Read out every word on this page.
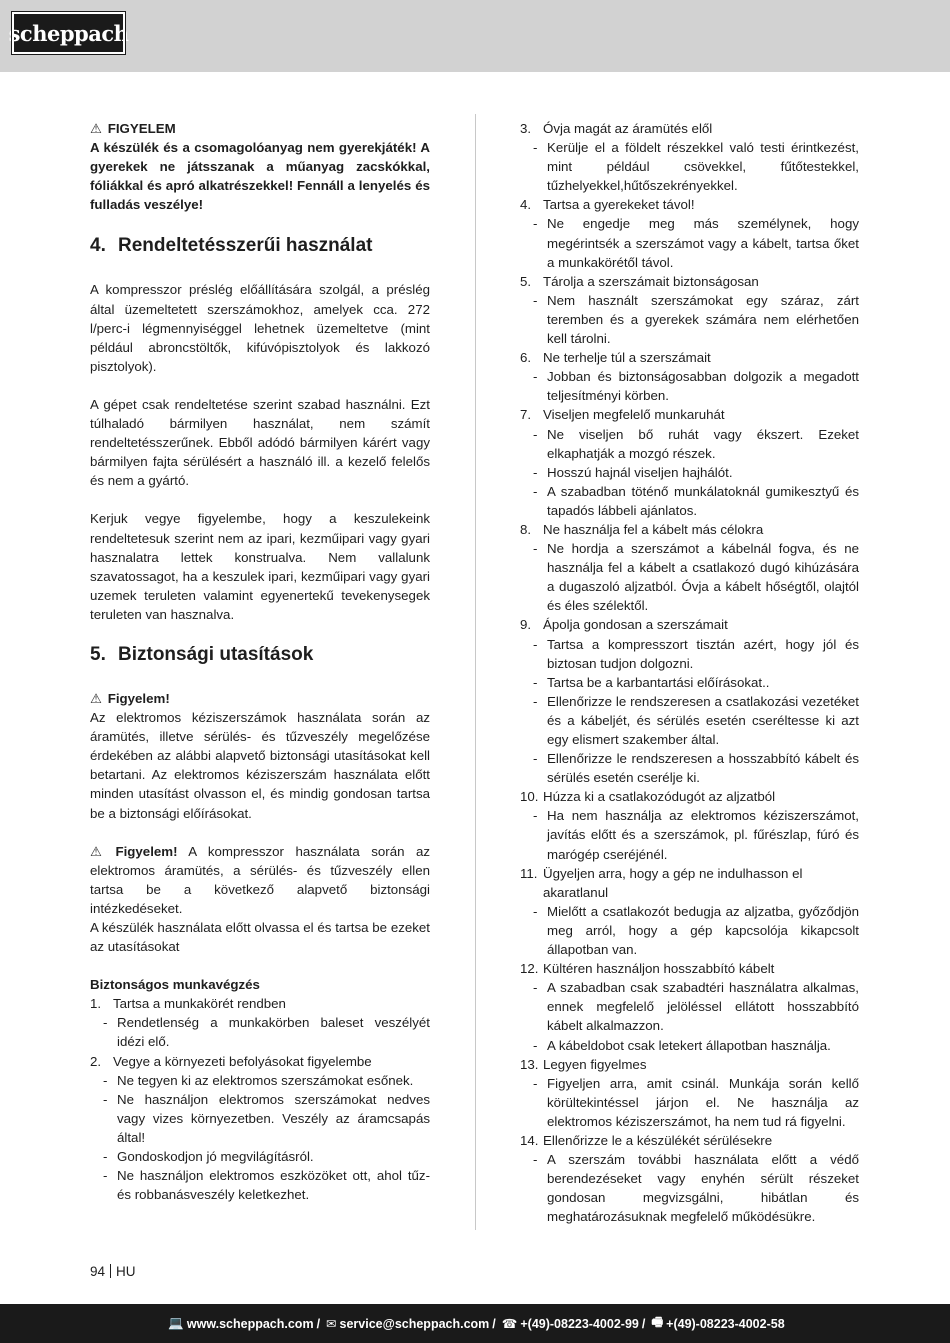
scheppach
⚠ FIGYELEM
A készülék és a csomagolóanyag nem gyerekjáték! A gyerekek ne játsszanak a műanyag zacskókkal, fóliákkal és apró alkatrészekkel! Fennáll a lenyelés és fulladás veszélye!
4. Rendeltetésszerűi használat

A kompresszor préslég előállítására szolgál, a préslég által üzemeltetett szerszámokhoz, amelyek cca. 272 l/perc-i légmennyiséggel lehetnek üzemeltetve (mint például abroncstöltők, kifúvópisztolyok és lakkozó pisztolyok).

A gépet csak rendeltetése szerint szabad használni. Ezt túlhaladó bármilyen használat, nem számít rendeltetésszerűnek. Ebből adódó bármilyen kárért vagy bármilyen fajta sérülésért a használó ill. a kezelő felelős és nem a gyártó.

Kerjuk vegye figyelembe, hogy a keszulekeink rendeltetesuk szerint nem az ipari, kezműipari vagy gyari hasznalatra lettek konstrualva. Nem vallalunk szavatossagot, ha a keszulek ipari, kezműipari vagy gyari uzemek teruleten valamint egyenertekű tevekenysegek teruleten van hasznalva.

5. Biztonsági utasítások
⚠ Figyelem!
Az elektromos kéziszerszámok használata során az áramütés, illetve sérülés- és tűzveszély megelőzése érdekében az alábbi alapvető biztonsági utasításokat kell betartani. Az elektromos kéziszerszám használata előtt minden utasítást olvasson el, és mindig gondosan tartsa be a biztonsági előírásokat.
⚠ Figyelem! A kompresszor használata során az elektromos áramütés, a sérülés- és tűzveszély ellen tartsa be a következő alapvető biztonsági intézkedéseket.

A készülék használata előtt olvassa el és tartsa be ezeket az utasításokat

Biztonságos munkavégzés
1. Tartsa a munkakörét rendben
- Rendetlenség a munkakörben baleset veszélyét idézi elő.
2. Vegye a környezeti befolyásokat figyelembe
- Ne tegyen ki az elektromos szerszámokat esőnek.
- Ne használjon elektromos szerszámokat nedves vagy vizes környezetben. Veszély az áramcsapás által!
- Gondoskodjon jó megvilágításról.
- Ne használjon elektromos eszközöket ott, ahol tűz- és robbanásveszély keletkezhet.
3. Óvja magát az áramütés elől
- Kerülje el a földelt részekkel való testi érintkezést, mint például csövekkel, fűtőtestekkel, tűzhelyekkel,hűtőszekrényekkel.
4. Tartsa a gyerekeket távol!
- Ne engedje meg más személynek, hogy megérintsék a szerszámot vagy a kábelt, tartsa őket a munkakörétől távol.
5. Tárolja a szerszámait biztonságosan
- Nem használt szerszámokat egy száraz, zárt teremben és a gyerekek számára nem elérhetően kell tárolni.
6. Ne terhelje túl a szerszámait
- Jobban és biztonságosabban dolgozik a megadott teljesítményi körben.
7. Viseljen megfelelő munkaruhát
- Ne viseljen bő ruhát vagy ékszert. Ezeket elkaphatják a mozgó részek.
- Hosszú hajnál viseljen hajhálót.
- A szabadban töténő munkálatoknál gumikesztyű és tapadós lábbeli ajánlatos.
8. Ne használja fel a kábelt más célokra
- Ne hordja a szerszámot a kábelnál fogva, és ne használja fel a kábelt a csatlakozó dugó kihúzására a dugaszoló aljzatból. Óvja a kábelt hőségtől, olajtól és éles szélektől.
9. Ápolja gondosan a szerszámait
- Tartsa a kompresszort tisztán azért, hogy jól és biztosan tudjon dolgozni.
- Tartsa be a karbantartási előírásokat..
- Ellenőrizze le rendszeresen a csatlakozási vezetéket és a kábeljét, és sérülés esetén cseréltesse ki azt egy elismert szakember által.
- Ellenőrizze le rendszeresen a hosszabbító kábelt és sérülés esetén cserélje ki.
10. Húzza ki a csatlakozódugót az aljzatból
- Ha nem használja az elektromos kéziszerszámot, javítás előtt és a szerszámok, pl. fűrészlap, fúró és marógép cseréjénél.
11. Ügyeljen arra, hogy a gép ne indulhasson el akaratlanul
- Mielőtt a csatlakozót bedugja az aljzatba, győződjön meg arról, hogy a gép kapcsolója kikapcsolt állapotban van.
12. Kültéren használjon hosszabbító kábelt
- A szabadban csak szabadtéri használatra alkalmas, ennek megfelelő jelöléssel ellátott hosszabbító kábelt alkalmazzon.
- A kábeldobot csak letekert állapotban használja.
13. Legyen figyelmes
- Figyeljen arra, amit csinál. Munkája során kellő körültekintéssel járjon el. Ne használja az elektromos kéziszerszámot, ha nem tud rá figyelni.
14. Ellenőrizze le a készülékét sérülésekre
- A szerszám további használata előtt a védő berendezéseket vagy enyhén sérült részeket gondosan megvizsgálni, hibátlan és meghatározásuknak megfelelő működésükre.
94 HU
💻 www.scheppach.com / ✉ service@scheppach.com / ☎ +(49)-08223-4002-99 / 🖷 +(49)-08223-4002-58
